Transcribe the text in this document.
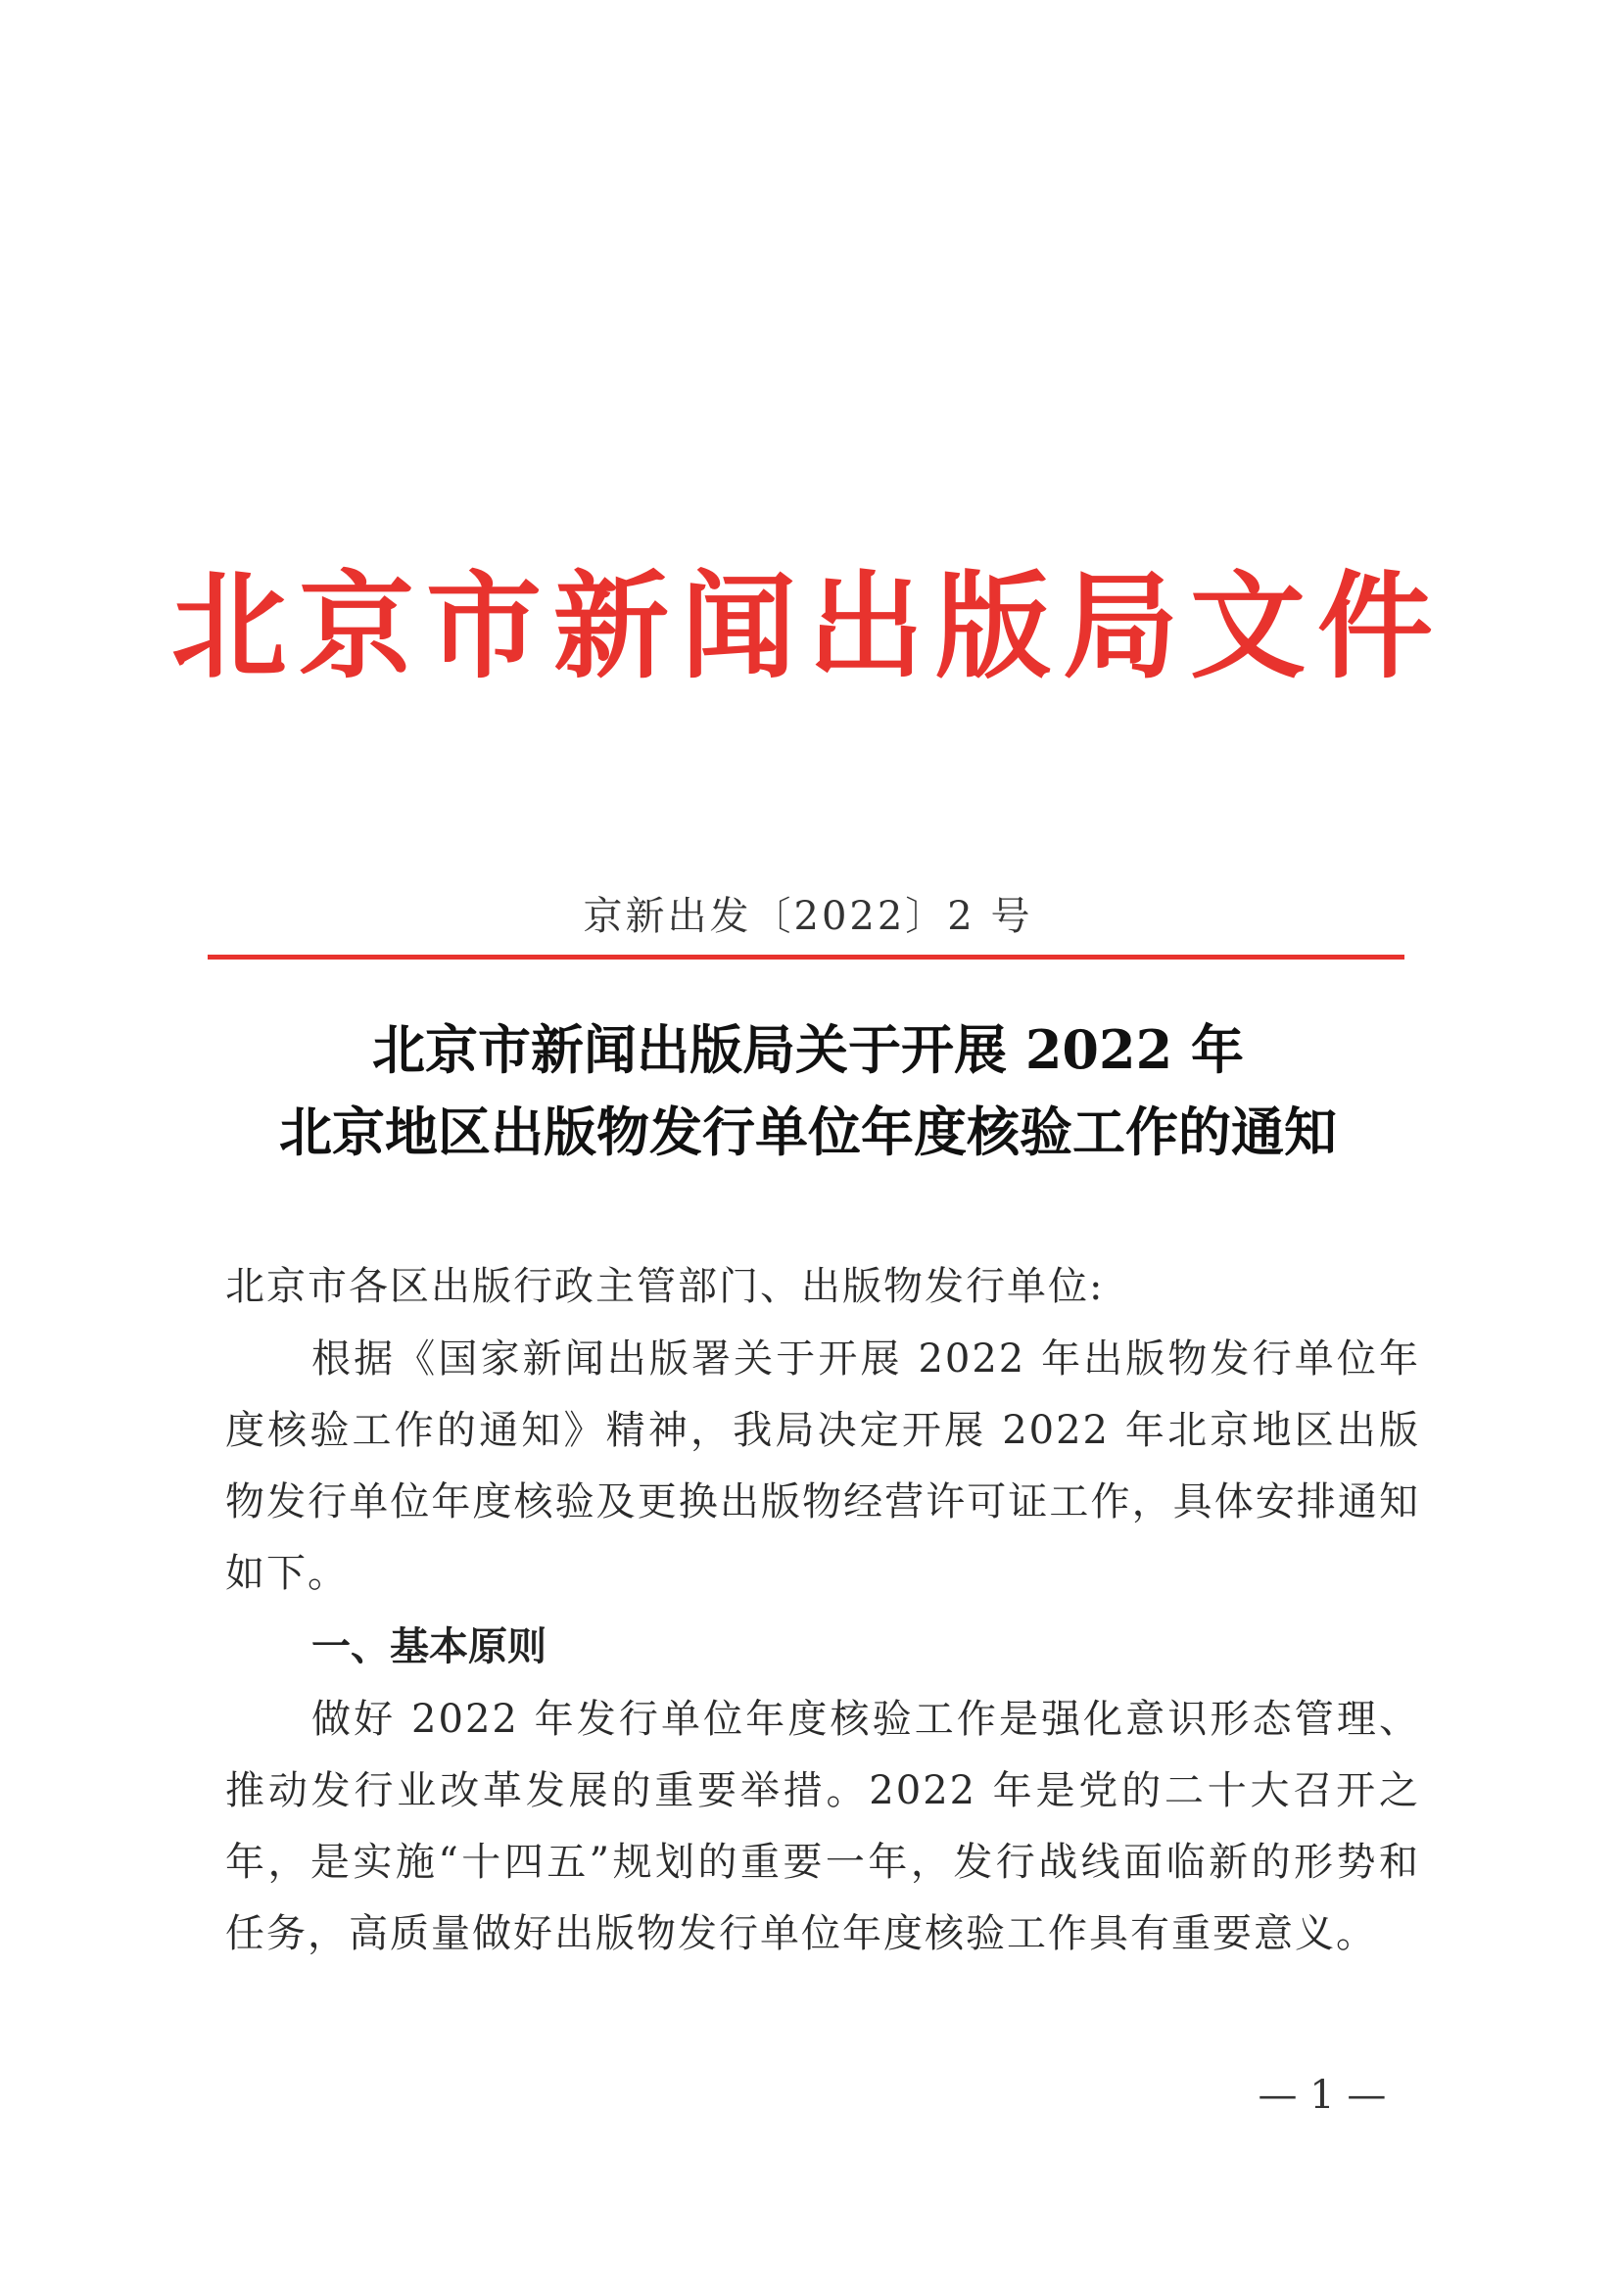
北京市新闻出版局文件
京新出发〔2022〕2 号
北京市新闻出版局关于开展 2022 年
北京地区出版物发行单位年度核验工作的通知
北京市各区出版行政主管部门、出版物发行单位:
根据《国家新闻出版署关于开展 2022 年出版物发行单位年度核验工作的通知》精神，我局决定开展 2022 年北京地区出版物发行单位年度核验及更换出版物经营许可证工作，具体安排通知如下。
一、基本原则
做好 2022 年发行单位年度核验工作是强化意识形态管理、推动发行业改革发展的重要举措。2022 年是党的二十大召开之年，是实施“十四五”规划的重要一年，发行战线面临新的形势和任务，高质量做好出版物发行单位年度核验工作具有重要意义。
— 1 —
